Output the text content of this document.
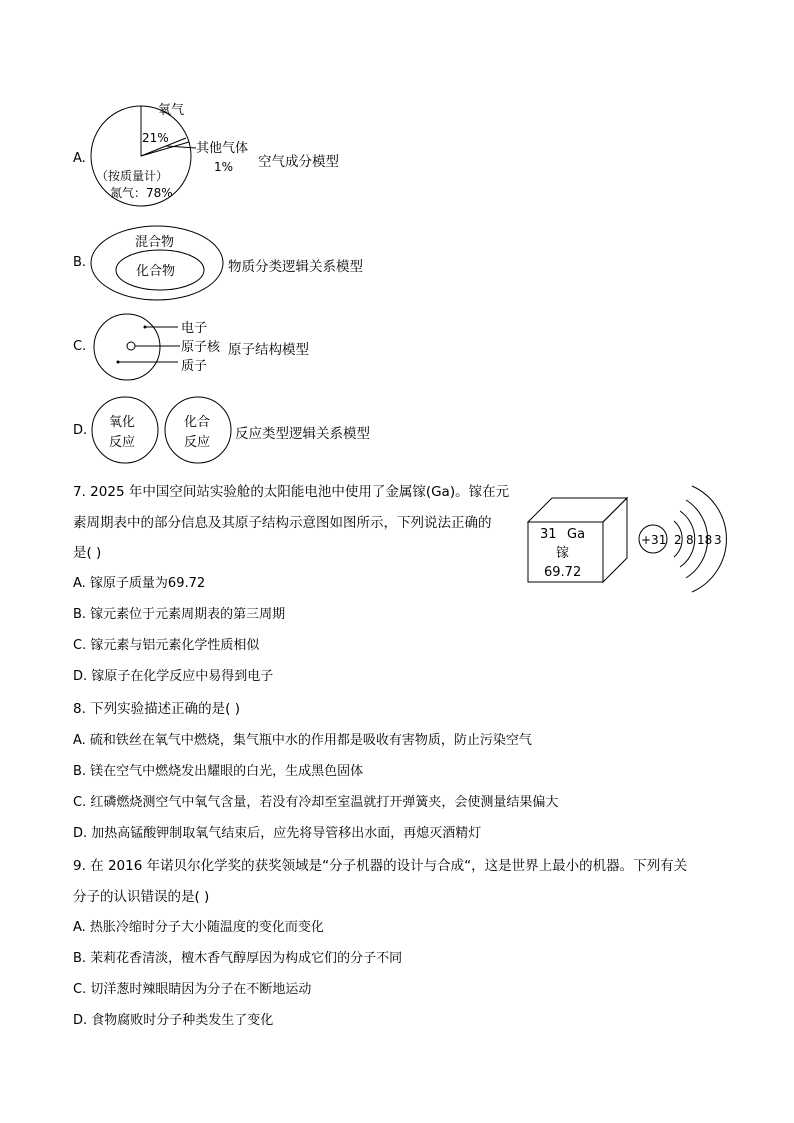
A.
氧气
21%
其他气体
1%
（按质量计）
氮气：78%
空气成分模型
B.
混合物
化合物	物质分类逻辑关系模型
C.
电子
原子核
质子
原子结构模型
D.
氧化
反应
化合
反应
反应类型逻辑关系模型
7. 2025 年中国空间站实验舱的太阳能电池中使用了金属镓(Ga)。镓在元
素周期表中的部分信息及其原子结构示意图如图所示，下列说法正确的
是( )
31 Ga
镓
69.72
+31 2 8 18 3
A. 镓原子质量为69.72
B. 镓元素位于元素周期表的第三周期
C. 镓元素与铝元素化学性质相似
D. 镓原子在化学反应中易得到电子
8. 下列实验描述正确的是( )
A. 硫和铁丝在氧气中燃烧，集气瓶中水的作用都是吸收有害物质，防止污染空气
B. 镁在空气中燃烧发出耀眼的白光，生成黑色固体
C. 红磷燃烧测空气中氧气含量，若没有冷却至室温就打开弹簧夹，会使测量结果偏大
D. 加热高锰酸钾制取氧气结束后，应先将导管移出水面，再熄灭酒精灯
9. 在 2016 年诺贝尔化学奖的获奖领域是“分子机器的设计与合成“，这是世界上最小的机器。下列有关
分子的认识错误的是( )
A. 热胀冷缩时分子大小随温度的变化而变化
B. 茉莉花香清淡，檀木香气醇厚因为构成它们的分子不同
C. 切洋葱时辣眼睛因为分子在不断地运动
D. 食物腐败时分子种类发生了变化
